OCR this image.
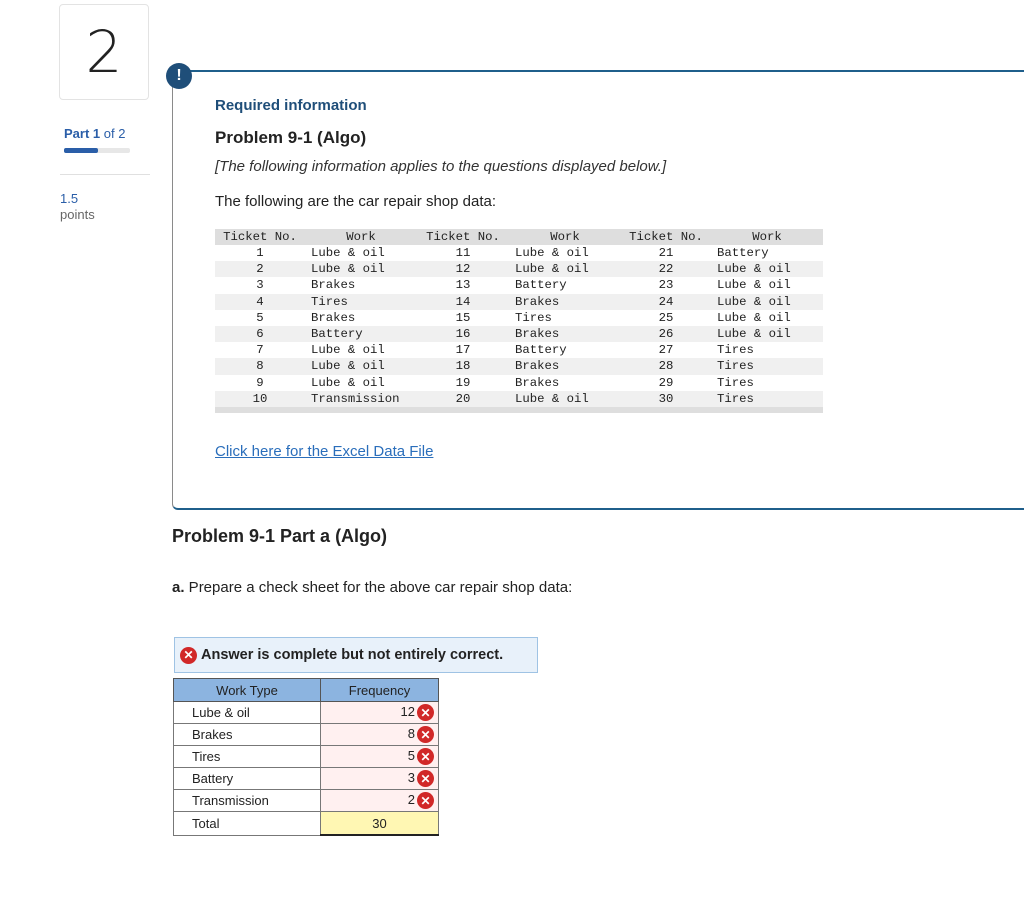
2
Part 1 of 2
1.5
points
!
Required information
Problem 9-1 (Algo)
[The following information applies to the questions displayed below.]
The following are the car repair shop data:
Ticket No.	Work	Ticket No.	Work	Ticket No.	Work
1	Lube & oil	11	Lube & oil	21	Battery
2	Lube & oil	12	Lube & oil	22	Lube & oil
3	Brakes	13	Battery	23	Lube & oil
4	Tires	14	Brakes	24	Lube & oil
5	Brakes	15	Tires	25	Lube & oil
6	Battery	16	Brakes	26	Lube & oil
7	Lube & oil	17	Battery	27	Tires
8	Lube & oil	18	Brakes	28	Tires
9	Lube & oil	19	Brakes	29	Tires
10	Transmission	20	Lube & oil	30	Tires

Click here for the Excel Data File
Problem 9-1 Part a (Algo)
a. Prepare a check sheet for the above car repair shop data:
✕ Answer is complete but not entirely correct.
Work Type	Frequency
Lube & oil	12 ✕
Brakes	8 ✕
Tires	5 ✕
Battery	3 ✕
Transmission	2 ✕
Total	30
